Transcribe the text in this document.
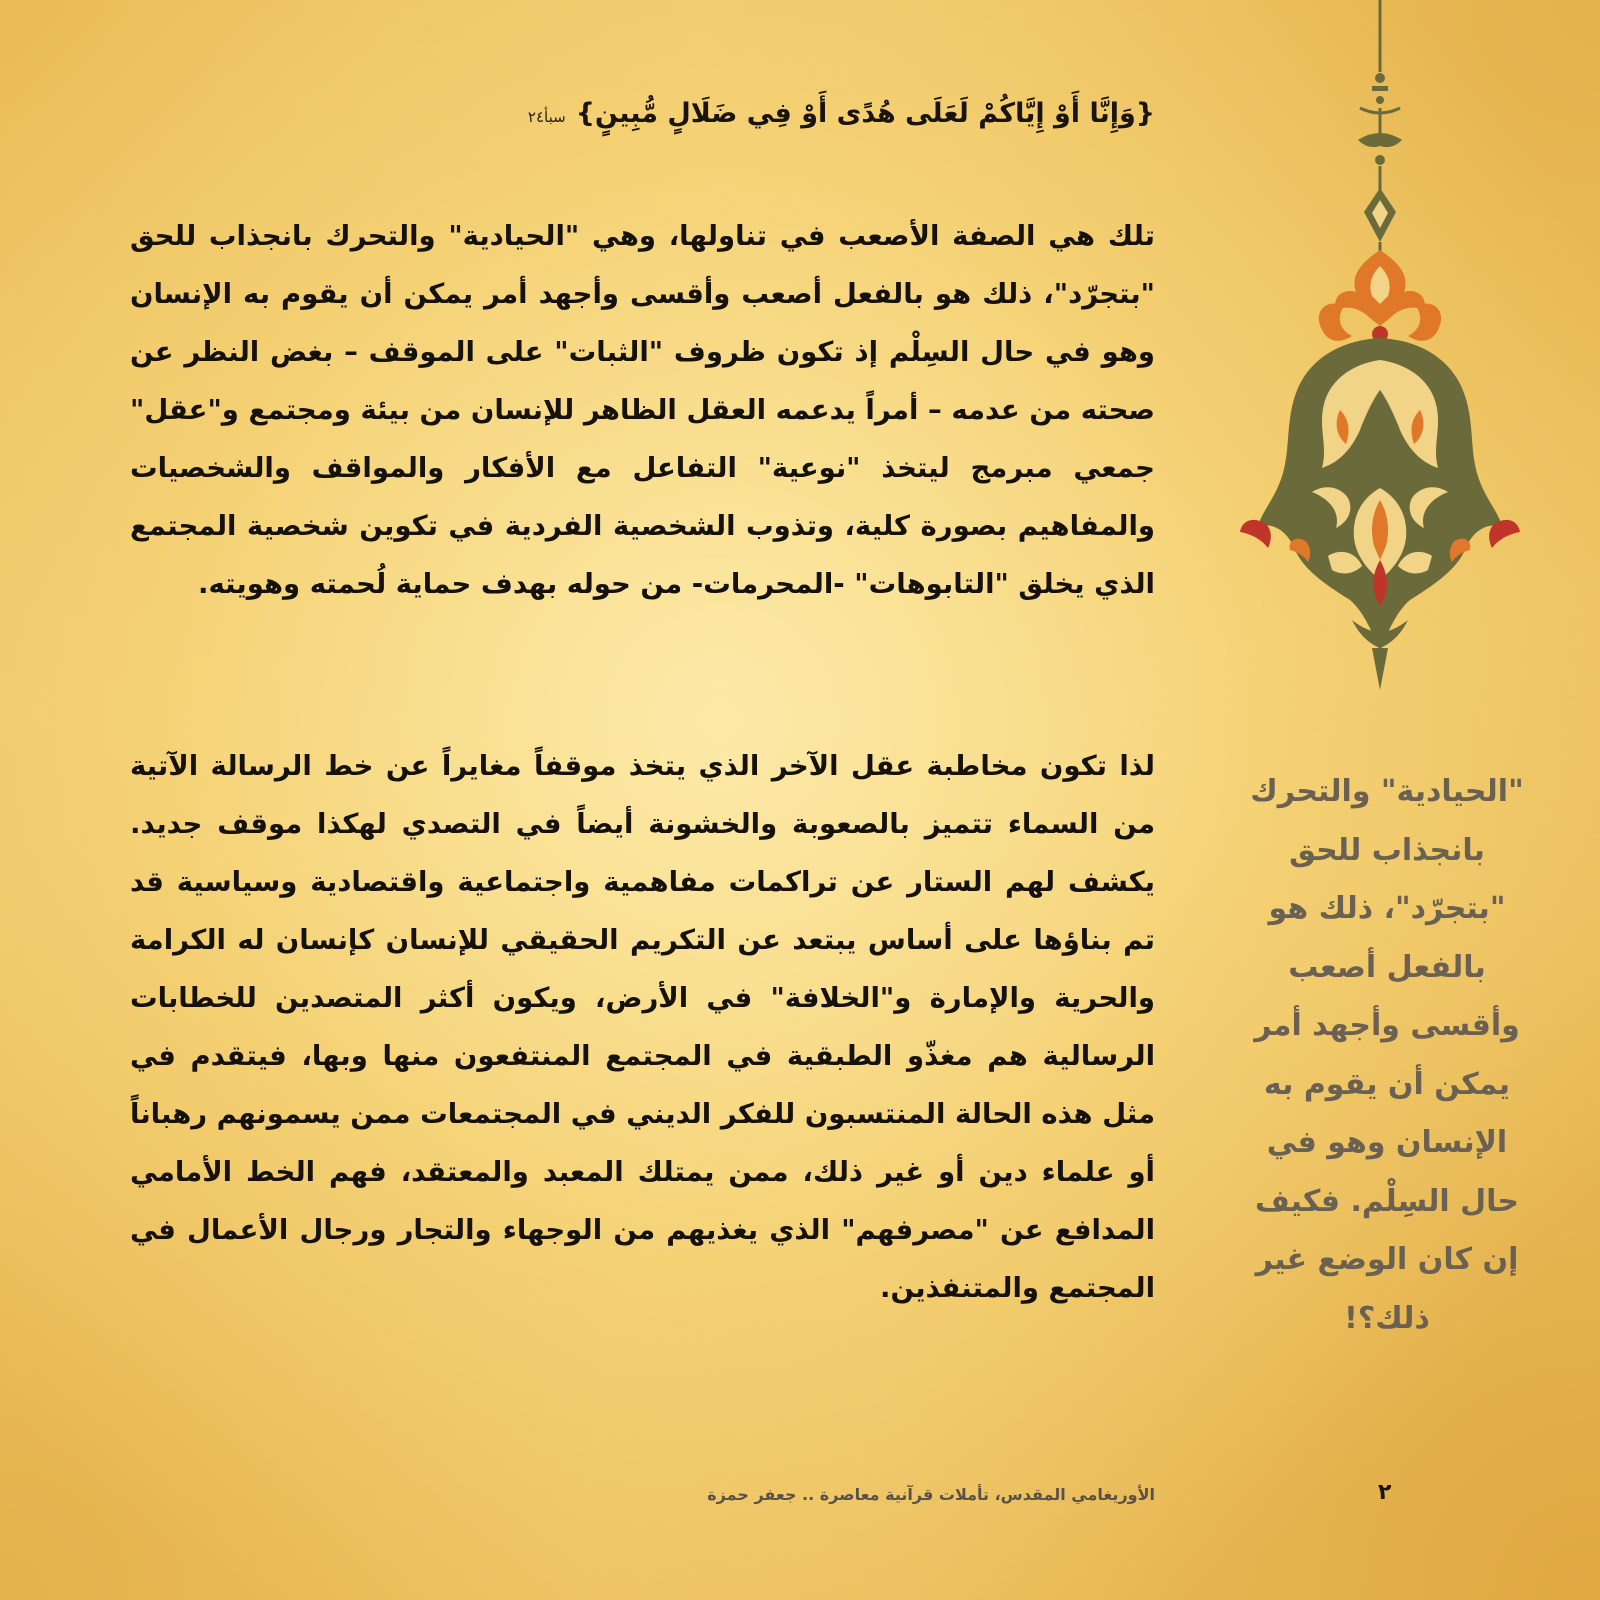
{وَإِنَّا أَوْ إِيَّاكُمْ لَعَلَى هُدًى أَوْ فِي ضَلَالٍ مُّبِينٍ}سبأ٢٤

تلك هي الصفة الأصعب في تناولها، وهي "الحيادية" والتحرك بانجذاب للحق "بتجرّد"، ذلك هو بالفعل أصعب وأقسى وأجهد أمر يمكن أن يقوم به الإنسان وهو في حال السِلْم إذ تكون ظروف "الثبات" على الموقف – بغض النظر عن صحته من عدمه – أمراً يدعمه العقل الظاهر للإنسان من بيئة ومجتمع و"عقل" جمعي مبرمج ليتخذ "نوعية" التفاعل مع الأفكار والمواقف والشخصيات والمفاهيم بصورة كلية، وتذوب الشخصية الفردية في تكوين شخصية المجتمع الذي يخلق "التابوهات" -المحرمات- من حوله بهدف حماية لُحمته وهويته.

لذا تكون مخاطبة عقل الآخر الذي يتخذ موقفاً مغايراً عن خط الرسالة الآتية من السماء تتميز بالصعوبة والخشونة أيضاً في التصدي لهكذا موقف جديد. يكشف لهم الستار عن تراكمات مفاهمية واجتماعية واقتصادية وسياسية قد تم بناؤها على أساس يبتعد عن التكريم الحقيقي للإنسان كإنسان له الكرامة والحرية والإمارة و"الخلافة" في الأرض، ويكون أكثر المتصدين للخطابات الرسالية هم مغذّو الطبقية في المجتمع المنتفعون منها وبها، فيتقدم في مثل هذه الحالة المنتسبون للفكر الديني في المجتمعات ممن يسمونهم رهباناً أو علماء دين أو غير ذلك، ممن يمتلك المعبد والمعتقد، فهم الخط الأمامي المدافع عن "مصرفهم" الذي يغذيهم من الوجهاء والتجار ورجال الأعمال في المجتمع والمتنفذين.

"الحيادية" والتحرك بانجذاب للحق "بتجرّد"، ذلك هو بالفعل أصعب وأقسى وأجهد أمر يمكن أن يقوم به الإنسان وهو في حال السِلْم. فكيف إن كان الوضع غير ذلك؟!

الأوريغامي المقدس، تأملات قرآنية معاصرة .. جعفر حمزة	٢
